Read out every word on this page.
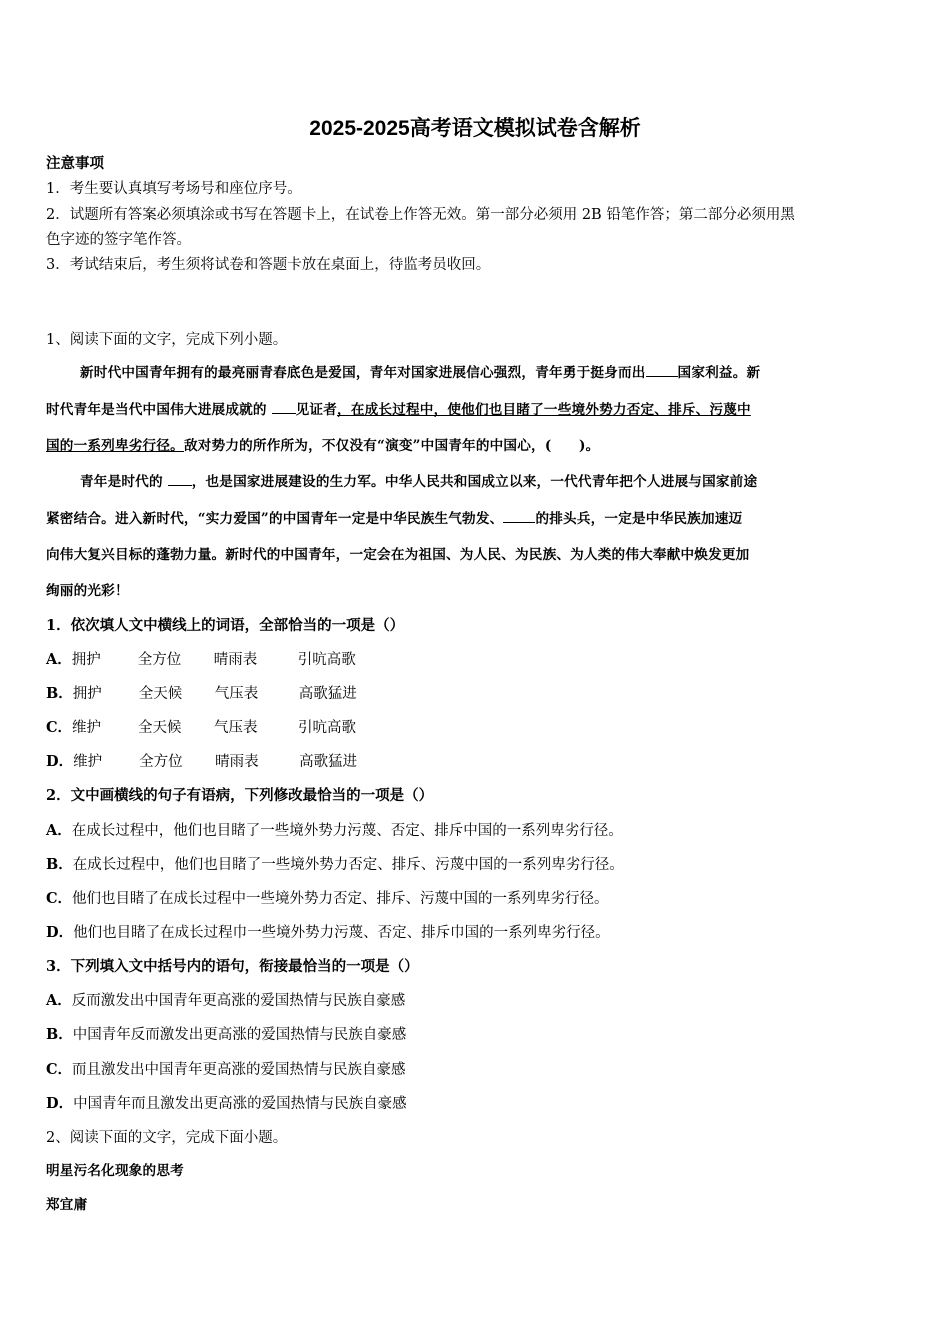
2025-2025高考语文模拟试卷含解析
注意事项
1．考生要认真填写考场号和座位序号。
2．试题所有答案必须填涂或书写在答题卡上，在试卷上作答无效。第一部分必须用 2B 铅笔作答；第二部分必须用黑
色字迹的签字笔作答。
3．考试结束后，考生须将试卷和答题卡放在桌面上，待监考员收回。
1、阅读下面的文字，完成下列小题。
新时代中国青年拥有的最亮丽青春底色是爱国，青年对国家进展信心强烈，青年勇于挺身而出 国家利益。新
时代青年是当代中国伟大进展成就的 见证者，在成长过程中，使他们也目睹了一些境外势力否定、排斥、污蔑中
国的一系列卑劣行径。敌对势力的所作所为，不仅没有“演变”中国青年的中国心，(　　)。
青年是时代的 ，也是国家进展建设的生力军。中华人民共和国成立以来，一代代青年把个人进展与国家前途
紧密结合。进入新时代，“实力爱国”的中国青年一定是中华民族生气勃发、 的排头兵，一定是中华民族加速迈
向伟大复兴目标的蓬勃力量。新时代的中国青年，一定会在为祖国、为人民、为民族、为人类的伟大奉献中焕发更加
绚丽的光彩！
1．依次填人文中横线上的词语，全部恰当的一项是（）
A．拥护	全方位 晴雨表	引吭高歌
B．拥护	全天候 气压表	高歌猛进
C．维护	全天候 气压表	引吭高歌
D．维护	全方位 晴雨表	高歌猛进
2．文中画横线的句子有语病，下列修改最恰当的一项是（）
A．在成长过程中，他们也目睹了一些境外势力污蔑、否定、排斥中国的一系列卑劣行径。
B．在成长过程中，他们也目睹了一些境外势力否定、排斥、污蔑中国的一系列卑劣行径。
C．他们也目睹了在成长过程中一些境外势力否定、排斥、污蔑中国的一系列卑劣行径。
D．他们也目睹了在成长过程巾一些境外势力污蔑、否定、排斥巾国的一系列卑劣行径。
3．下列填入文中括号内的语句，衔接最恰当的一项是（）
A．反而激发出中国青年更高涨的爱国热情与民族自豪感
B．中国青年反而激发出更高涨的爱国热情与民族自豪感
C．而且激发出中国青年更高涨的爱国热情与民族自豪感
D．中国青年而且激发出更高涨的爱国热情与民族自豪感
2、阅读下面的文字，完成下面小题。
明星污名化现象的思考
郑宜庸
